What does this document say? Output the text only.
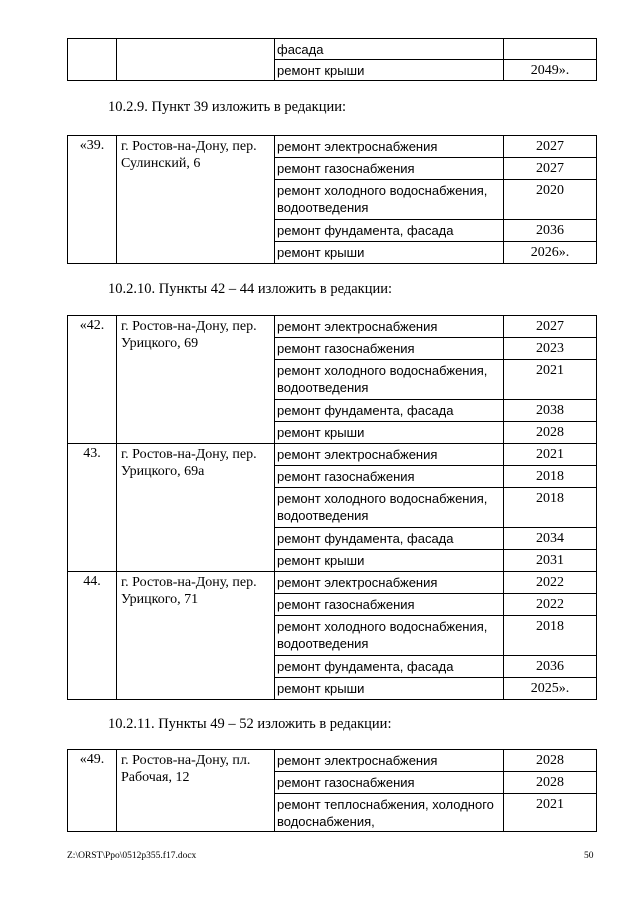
		фасада	
		ремонт крыши	2049».
10.2.9. Пункт 39 изложить в редакции:
«39.	г. Ростов-на-Дону, пер. Сулинский, 6	ремонт электроснабжения	2027
		ремонт газоснабжения	2027
		ремонт холодного водоснабжения, водоотведения	2020
		ремонт фундамента, фасада	2036
		ремонт крыши	2026».
10.2.10. Пункты 42 – 44 изложить в редакции:
«42.	г. Ростов-на-Дону, пер. Урицкого, 69	ремонт электроснабжения	2027
		ремонт газоснабжения	2023
		ремонт холодного водоснабжения, водоотведения	2021
		ремонт фундамента, фасада	2038
		ремонт крыши	2028
43.	г. Ростов-на-Дону, пер. Урицкого, 69а	ремонт электроснабжения	2021
		ремонт газоснабжения	2018
		ремонт холодного водоснабжения, водоотведения	2018
		ремонт фундамента, фасада	2034
		ремонт крыши	2031
44.	г. Ростов-на-Дону, пер. Урицкого, 71	ремонт электроснабжения	2022
		ремонт газоснабжения	2022
		ремонт холодного водоснабжения, водоотведения	2018
		ремонт фундамента, фасада	2036
		ремонт крыши	2025».
10.2.11. Пункты 49 – 52 изложить в редакции:
«49.	г. Ростов-на-Дону, пл. Рабочая, 12	ремонт электроснабжения	2028
		ремонт газоснабжения	2028
		ремонт теплоснабжения, холодного водоснабжения,	2021
Z:\ORST\Ppo\0512p355.f17.docx	50
